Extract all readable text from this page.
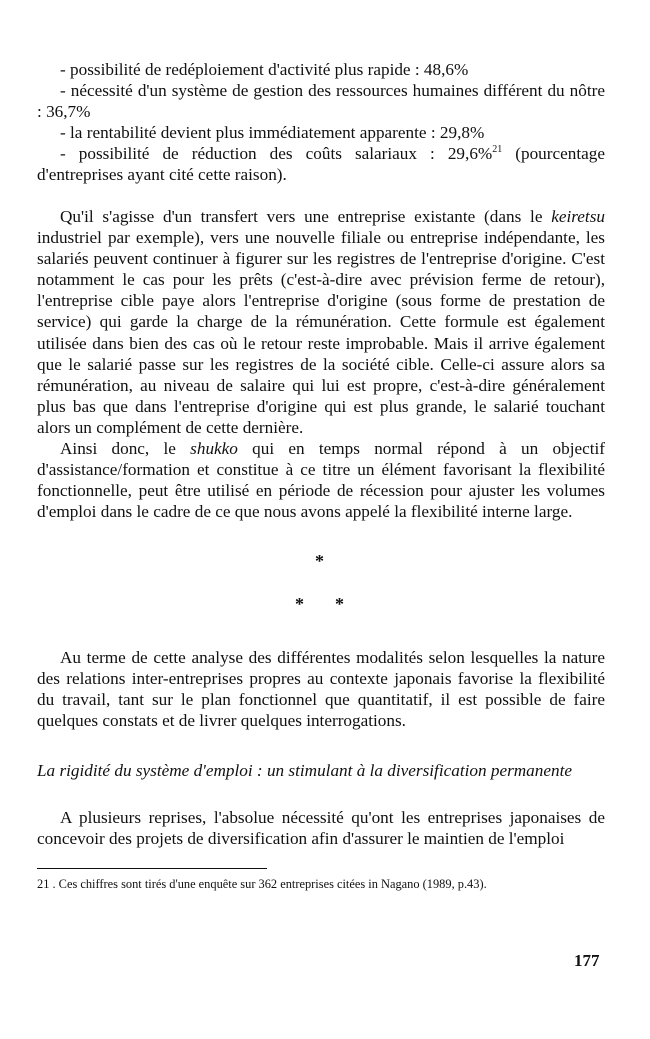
- possibilité de redéploiement d'activité plus rapide : 48,6%

- nécessité d'un système de gestion des ressources humaines différent du nôtre : 36,7%

- la rentabilité devient plus immédiatement apparente : 29,8%

- possibilité de réduction des coûts salariaux : 29,6%$^{21}$ (pourcentage d'entreprises ayant cité cette raison).

Qu'il s'agisse d'un transfert vers une entreprise existante (dans le keiretsu industriel par exemple), vers une nouvelle filiale ou entreprise indépendante, les salariés peuvent continuer à figurer sur les registres de l'entreprise d'origine. C'est notamment le cas pour les prêts (c'est-à-dire avec prévision ferme de retour), l'entreprise cible paye alors l'entreprise d'origine (sous forme de prestation de service) qui garde la charge de la rémunération. Cette formule est également utilisée dans bien des cas où le retour reste improbable. Mais il arrive également que le salarié passe sur les registres de la société cible. Celle-ci assure alors sa rémunération, au niveau de salaire qui lui est propre, c'est-à-dire généralement plus bas que dans l'entreprise d'origine qui est plus grande, le salarié touchant alors un complément de cette dernière.

Ainsi donc, le shukko qui en temps normal répond à un objectif d'assistance/formation et constitue à ce titre un élément favorisant la flexibilité fonctionnelle, peut être utilisé en période de récession pour ajuster les volumes d'emploi dans le cadre de ce que nous avons appelé la flexibilité interne large.

*
* *

Au terme de cette analyse des différentes modalités selon lesquelles la nature des relations inter-entreprises propres au contexte japonais favorise la flexibilité du travail, tant sur le plan fonctionnel que quantitatif, il est possible de faire quelques constats et de livrer quelques interrogations.

La rigidité du système d'emploi : un stimulant à la diversification permanente

A plusieurs reprises, l'absolue nécessité qu'ont les entreprises japonaises de concevoir des projets de diversification afin d'assurer le maintien de l'emploi

21 . Ces chiffres sont tirés d'une enquête sur 362 entreprises citées in Nagano (1989, p.43).

177
